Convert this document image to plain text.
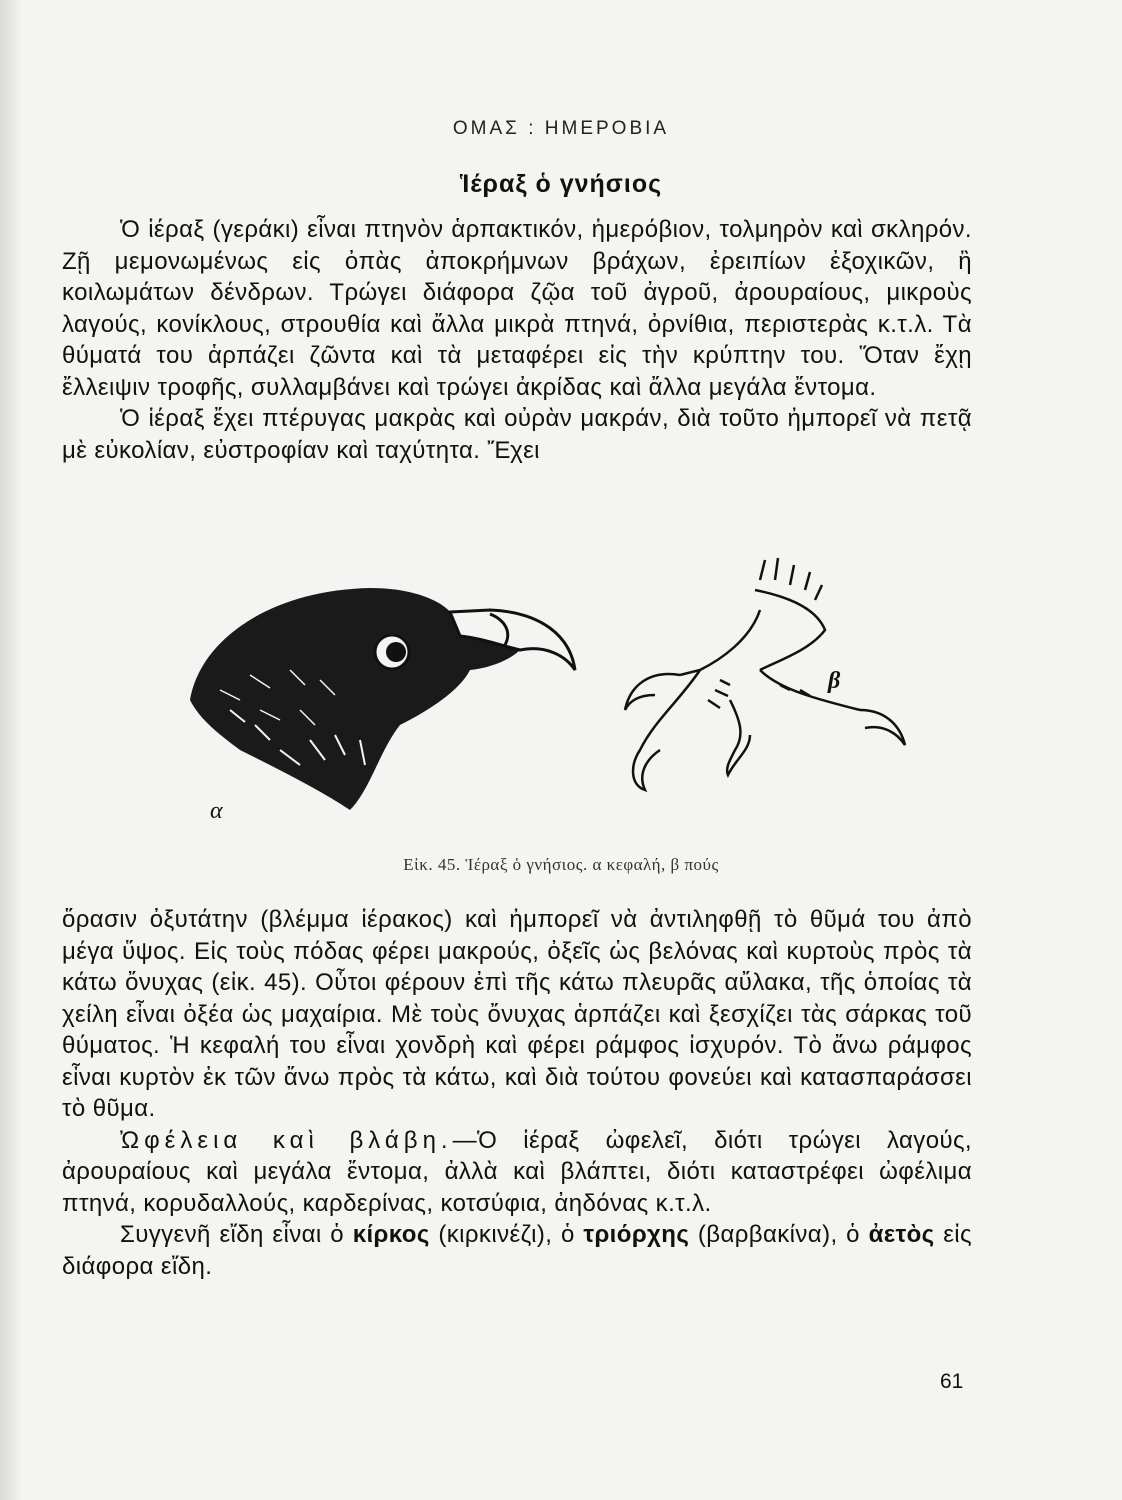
ΟΜΑΣ : ΗΜΕΡΟΒΙΑ
Ἱέραξ ὁ γνήσιος

Ὁ ἱέραξ (γεράκι) εἶναι πτηνὸν ἁρπακτικόν, ἡμερόβιον, τολμηρὸν καὶ σκληρόν. Ζῇ μεμονωμένως εἰς ὀπὰς ἀποκρήμνων βράχων, ἐρειπίων ἐξοχικῶν, ἢ κοιλωμάτων δένδρων. Τρώγει διάφορα ζῷα τοῦ ἀγροῦ, ἀρουραίους, μικροὺς λαγούς, κονίκλους, στρουθία καὶ ἄλλα μικρὰ πτηνά, ὀρνίθια, περιστερὰς κ.τ.λ. Τὰ θύματά του ἁρπάζει ζῶντα καὶ τὰ μεταφέρει εἰς τὴν κρύπτην του. Ὅταν ἔχῃ ἔλλειψιν τροφῆς, συλλαμβάνει καὶ τρώγει ἀκρίδας καὶ ἄλλα μεγάλα ἔντομα.

Ὁ ἱέραξ ἔχει πτέρυγας μακρὰς καὶ οὐρὰν μακράν, διὰ τοῦτο ἠμπορεῖ νὰ πετᾷ μὲ εὐκολίαν, εὐστροφίαν καὶ ταχύτητα. Ἔχει

α
β
Εἰκ. 45. Ἱέραξ ὁ γνήσιος. α κεφαλή, β πούς

ὅρασιν ὀξυτάτην (βλέμμα ἱέρακος) καὶ ἠμπορεῖ νὰ ἀντιληφθῇ τὸ θῦμά του ἀπὸ μέγα ὕψος. Εἰς τοὺς πόδας φέρει μακρούς, ὀξεῖς ὡς βελόνας καὶ κυρτοὺς πρὸς τὰ κάτω ὄνυχας (εἰκ. 45). Οὗτοι φέρουν ἐπὶ τῆς κάτω πλευρᾶς αὔλακα, τῆς ὁποίας τὰ χείλη εἶναι ὀξέα ὡς μαχαίρια. Μὲ τοὺς ὄνυχας ἁρπάζει καὶ ξεσχίζει τὰς σάρκας τοῦ θύματος. Ἡ κεφαλή του εἶναι χονδρὴ καὶ φέρει ράμφος ἰσχυρόν. Τὸ ἄνω ράμφος εἶναι κυρτὸν ἐκ τῶν ἄνω πρὸς τὰ κάτω, καὶ διὰ τούτου φονεύει καὶ κατασπαράσσει τὸ θῦμα.

Ὠφέλεια καὶ βλάβη.—Ὁ ἱέραξ ὠφελεῖ, διότι τρώγει λαγούς, ἀρουραίους καὶ μεγάλα ἔντομα, ἀλλὰ καὶ βλάπτει, διότι καταστρέφει ὠφέλιμα πτηνά, κορυδαλλούς, καρδερίνας, κοτσύφια, ἀηδόνας κ.τ.λ.

Συγγενῆ εἴδη εἶναι ὁ κίρκος (κιρκινέζι), ὁ τριόρχης (βαρβακίνα), ὁ ἀετὸς εἰς διάφορα εἴδη.

61
